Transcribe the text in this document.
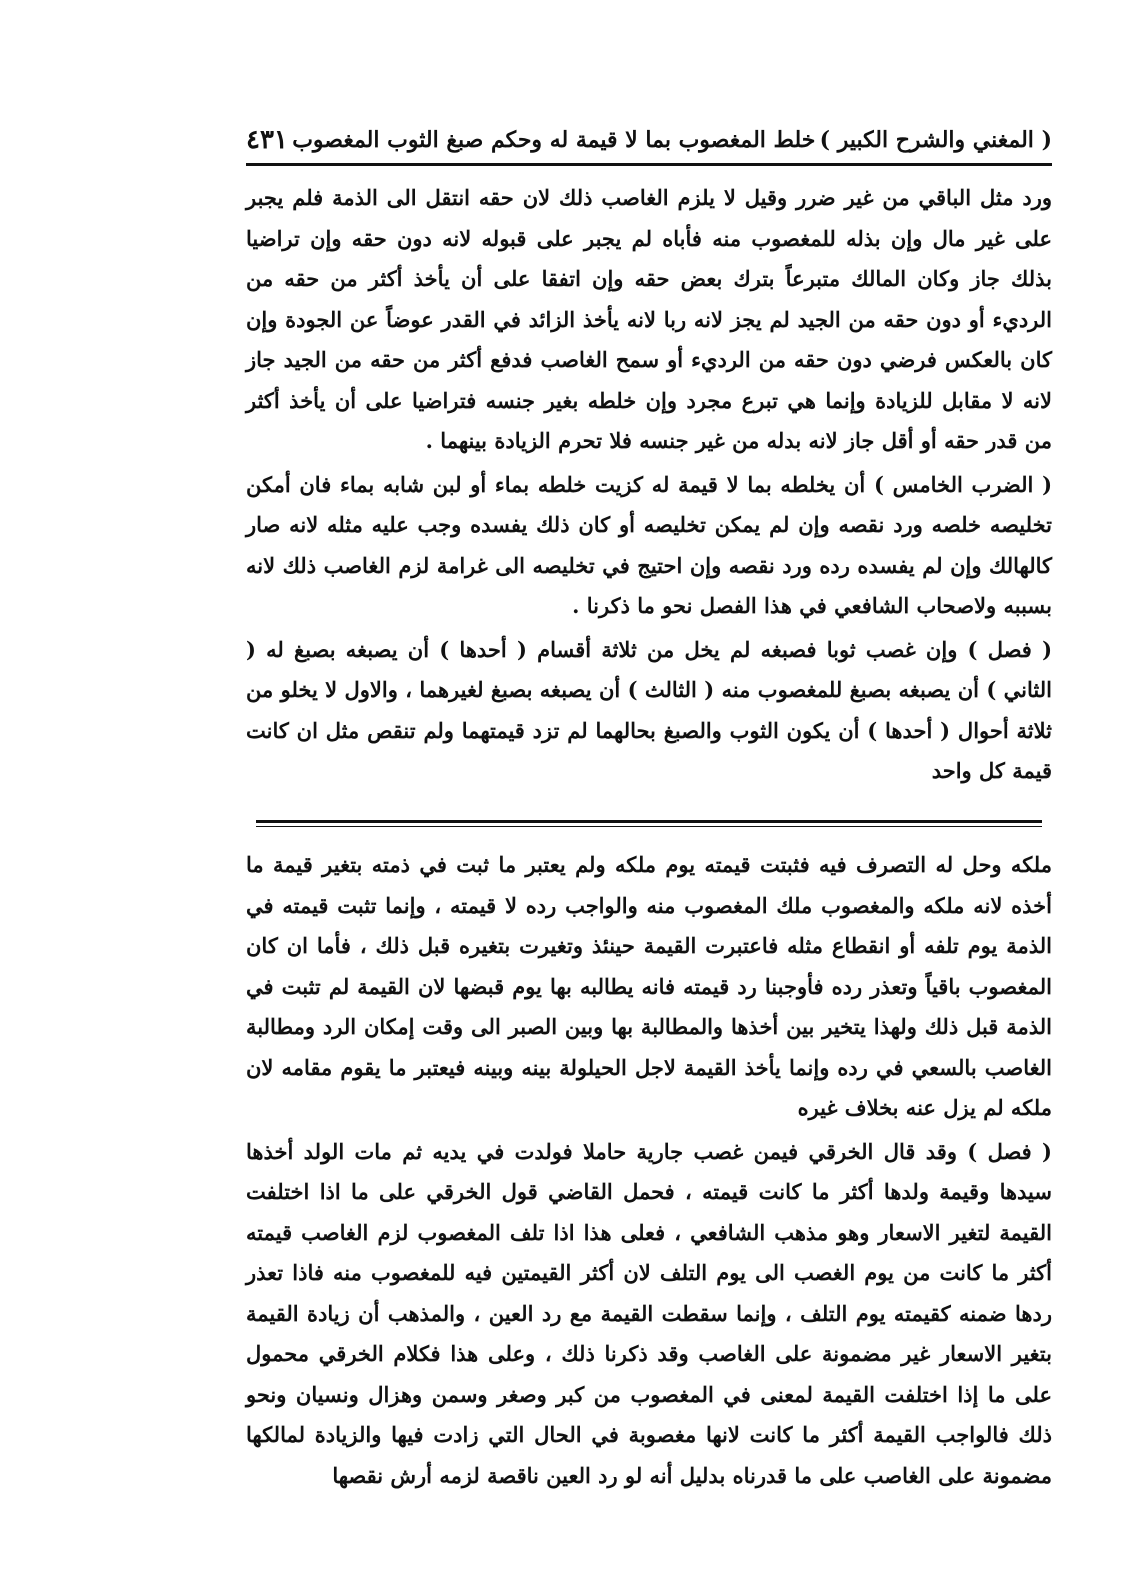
( المغني والشرح الكبير )
خلط المغصوب بما لا قيمة له وحكم صبغ الثوب المغصوب
٤٣١

ورد مثل الباقي من غير ضرر وقيل لا يلزم الغاصب ذلك لان حقه انتقل الى الذمة فلم يجبر على غير مال وإن بذله للمغصوب منه فأباه لم يجبر على قبوله لانه دون حقه وإن تراضيا بذلك جاز وكان المالك متبرعاً بترك بعض حقه وإن اتفقا على أن يأخذ أكثر من حقه من الرديء أو دون حقه من الجيد لم يجز لانه ربا لانه يأخذ الزائد في القدر عوضاً عن الجودة وإن كان بالعكس فرضي دون حقه من الرديء أو سمح الغاصب فدفع أكثر من حقه من الجيد جاز لانه لا مقابل للزيادة وإنما هي تبرع مجرد وإن خلطه بغير جنسه فتراضيا على أن يأخذ أكثر من قدر حقه أو أقل جاز لانه بدله من غير جنسه فلا تحرم الزيادة بينهما .

( الضرب الخامس ) أن يخلطه بما لا قيمة له كزيت خلطه بماء أو لبن شابه بماء فان أمكن تخليصه خلصه ورد نقصه وإن لم يمكن تخليصه أو كان ذلك يفسده وجب عليه مثله لانه صار كالهالك وإن لم يفسده رده ورد نقصه وإن احتيج في تخليصه الى غرامة لزم الغاصب ذلك لانه بسببه ولاصحاب الشافعي في هذا الفصل نحو ما ذكرنا .

( فصل ) وإن غصب ثوبا فصبغه لم يخل من ثلاثة أقسام ( أحدها ) أن يصبغه بصبغ له ( الثاني ) أن يصبغه بصبغ للمغصوب منه ( الثالث ) أن يصبغه بصبغ لغيرهما ، والاول لا يخلو من ثلاثة أحوال ( أحدها ) أن يكون الثوب والصبغ بحالهما لم تزد قيمتهما ولم تنقص مثل ان كانت قيمة كل واحد

ملكه وحل له التصرف فيه فثبتت قيمته يوم ملكه ولم يعتبر ما ثبت في ذمته بتغير قيمة ما أخذه لانه ملكه والمغصوب ملك المغصوب منه والواجب رده لا قيمته ، وإنما تثبت قيمته في الذمة يوم تلفه أو انقطاع مثله فاعتبرت القيمة حينئذ وتغيرت بتغيره قبل ذلك ، فأما ان كان المغصوب باقياً وتعذر رده فأوجبنا رد قيمته فانه يطالبه بها يوم قبضها لان القيمة لم تثبت في الذمة قبل ذلك ولهذا يتخير بين أخذها والمطالبة بها وبين الصبر الى وقت إمكان الرد ومطالبة الغاصب بالسعي في رده وإنما يأخذ القيمة لاجل الحيلولة بينه وبينه فيعتبر ما يقوم مقامه لان ملكه لم يزل عنه بخلاف غيره

( فصل ) وقد قال الخرقي فيمن غصب جارية حاملا فولدت في يديه ثم مات الولد أخذها سيدها وقيمة ولدها أكثر ما كانت قيمته ، فحمل القاضي قول الخرقي على ما اذا اختلفت القيمة لتغير الاسعار وهو مذهب الشافعي ، فعلى هذا اذا تلف المغصوب لزم الغاصب قيمته أكثر ما كانت من يوم الغصب الى يوم التلف لان أكثر القيمتين فيه للمغصوب منه فاذا تعذر ردها ضمنه كقيمته يوم التلف ، وإنما سقطت القيمة مع رد العين ، والمذهب أن زيادة القيمة بتغير الاسعار غير مضمونة على الغاصب وقد ذكرنا ذلك ، وعلى هذا فكلام الخرقي محمول على ما إذا اختلفت القيمة لمعنى في المغصوب من كبر وصغر وسمن وهزال ونسيان ونحو ذلك فالواجب القيمة أكثر ما كانت لانها مغصوبة في الحال التي زادت فيها والزيادة لمالكها مضمونة على الغاصب على ما قدرناه بدليل أنه لو رد العين ناقصة لزمه أرش نقصها
